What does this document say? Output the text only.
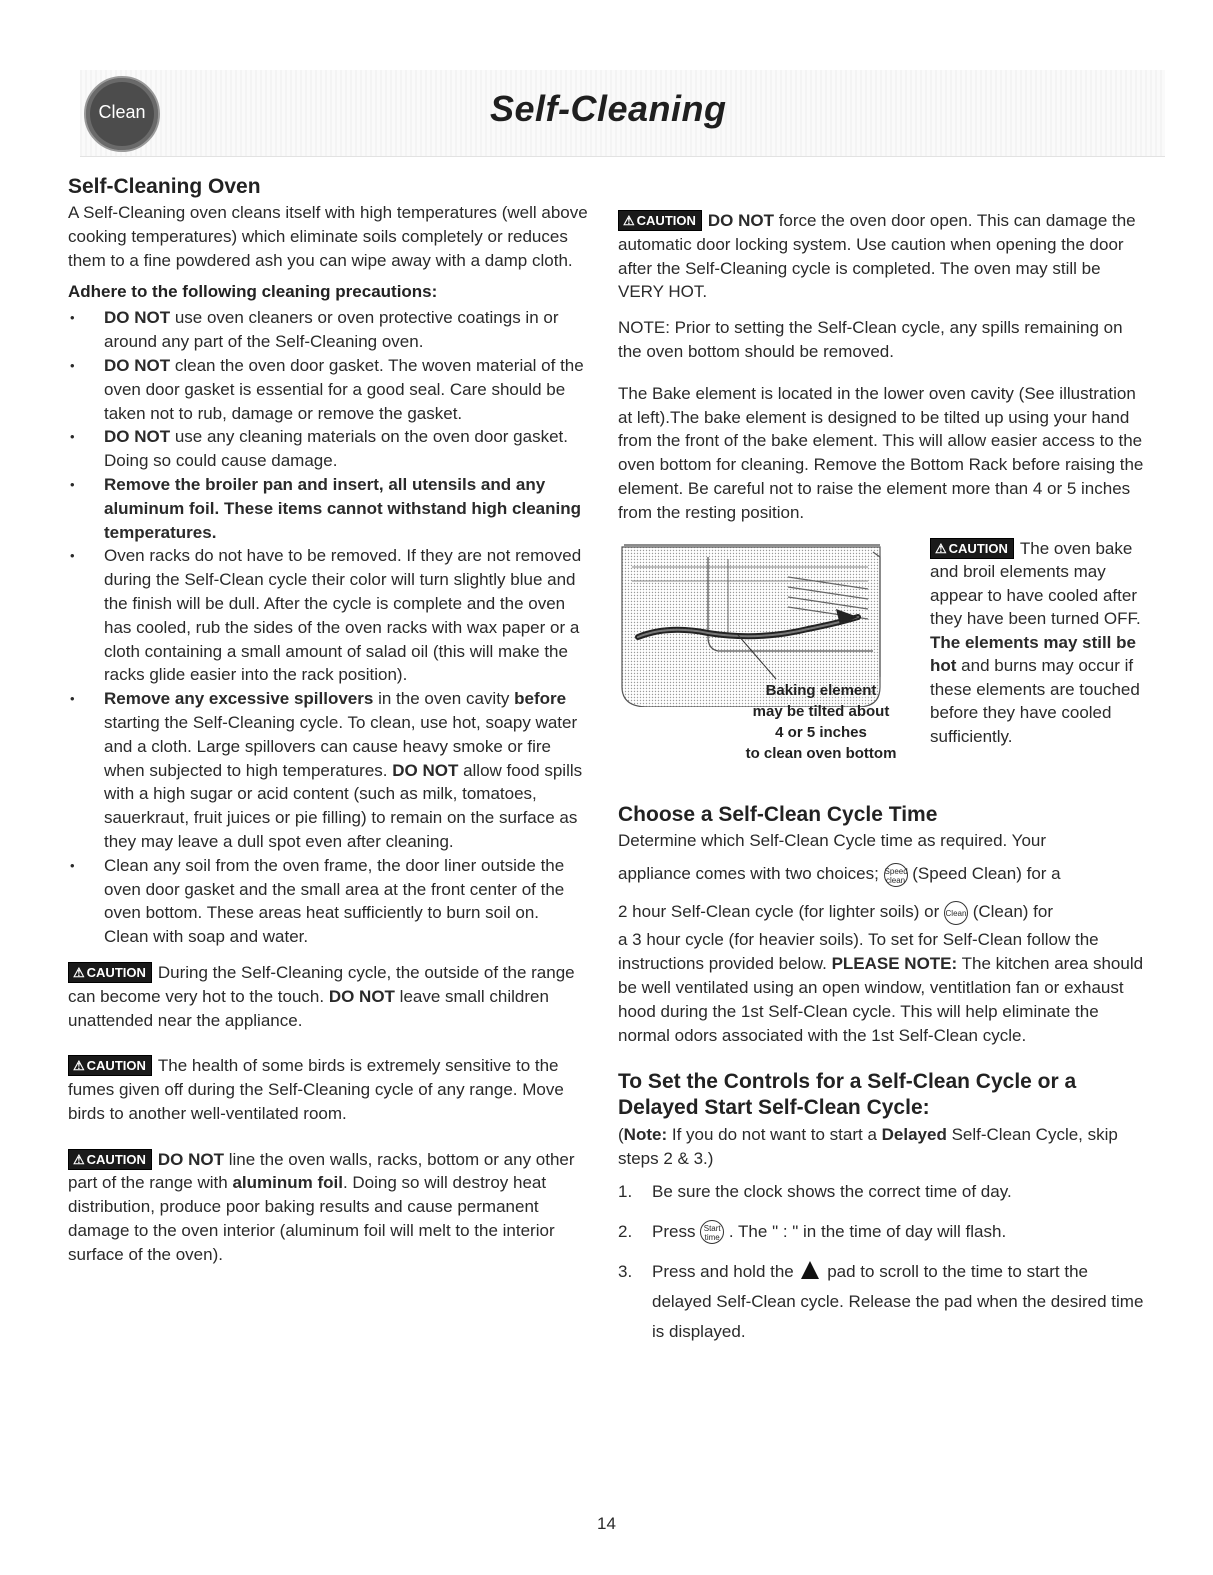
Clean	Self-Cleaning
Self-Cleaning Oven

A Self-Cleaning oven cleans itself with high temperatures (well above cooking temperatures) which eliminate soils completely or reduces them to a fine powdered ash you can wipe away with a damp cloth.

Adhere to the following cleaning precautions:
• DO NOT use oven cleaners or oven protective coatings in or around any part of the Self-Cleaning oven.
• DO NOT clean the oven door gasket. The woven material of the oven door gasket is essential for a good seal. Care should be taken not to rub, damage or remove the gasket.
• DO NOT use any cleaning materials on the oven door gasket. Doing so could cause damage.
• Remove the broiler pan and insert, all utensils and any aluminum foil. These items cannot withstand high cleaning temperatures.
• Oven racks do not have to be removed. If they are not removed during the Self-Clean cycle their color will turn slightly blue and the finish will be dull. After the cycle is complete and the oven has cooled, rub the sides of the oven racks with wax paper or a cloth containing a small amount of salad oil (this will make the racks glide easier into the rack position).
• Remove any excessive spillovers in the oven cavity before starting the Self-Cleaning cycle. To clean, use hot, soapy water and a cloth. Large spillovers can cause heavy smoke or fire when subjected to high temperatures. DO NOT allow food spills with a high sugar or acid content (such as milk, tomatoes, sauerkraut, fruit juices or pie filling) to remain on the surface as they may leave a dull spot even after cleaning.
• Clean any soil from the oven frame, the door liner outside the oven door gasket and the small area at the front center of the oven bottom. These areas heat sufficiently to burn soil on. Clean with soap and water.

⚠ CAUTION During the Self-Cleaning cycle, the outside of the range can become very hot to the touch. DO NOT leave small children unattended near the appliance.

⚠ CAUTION The health of some birds is extremely sensitive to the fumes given off during the Self-Cleaning cycle of any range. Move birds to another well-ventilated room.

⚠ CAUTION DO NOT line the oven walls, racks, bottom or any other part of the range with aluminum foil. Doing so will destroy heat distribution, produce poor baking results and cause permanent damage to the oven interior (aluminum foil will melt to the interior surface of the oven).

⚠ CAUTION DO NOT force the oven door open. This can damage the automatic door locking system. Use caution when opening the door after the Self-Cleaning cycle is completed. The oven may still be VERY HOT.

NOTE: Prior to setting the Self-Clean cycle, any spills remaining on the oven bottom should be removed.

The Bake element is located in the lower oven cavity (See illustration at left).The bake element is designed to be tilted up using your hand from the front of the bake element. This will allow easier access to the oven bottom for cleaning. Remove the Bottom Rack before raising the element. Be careful not to raise the element more than 4 or 5 inches from the resting position.

Baking element
may be tilted about
4 or 5 inches
to clean oven bottom

⚠ CAUTION The oven bake and broil elements may appear to have cooled after they have been turned OFF. The elements may still be hot and burns may occur if these elements are touched before they have cooled sufficiently.

Choose a Self-Clean Cycle Time

Determine which Self-Clean Cycle time as required. Your

appliance comes with two choices; Speed
clean (Speed Clean) for a

2 hour Self-Clean cycle (for lighter soils) or Clean (Clean) for

a 3 hour cycle (for heavier soils). To set for Self-Clean follow the instructions provided below. PLEASE NOTE: The kitchen area should be well ventilated using an open window, ventitlation fan or exhaust hood during the 1st Self-Clean cycle. This will help eliminate the normal odors associated with the 1st Self-Clean cycle.

To Set the Controls for a Self-Clean Cycle or a Delayed Start Self-Clean Cycle:

(Note: If you do not want to start a Delayed Self-Clean Cycle, skip steps 2 & 3.)

1. Be sure the clock shows the correct time of day.
2. Press Start
time . The " : " in the time of day will flash.
3. Press and hold the  pad to scroll to the time to start the delayed Self-Clean cycle. Release the pad when the desired time is displayed.
14
